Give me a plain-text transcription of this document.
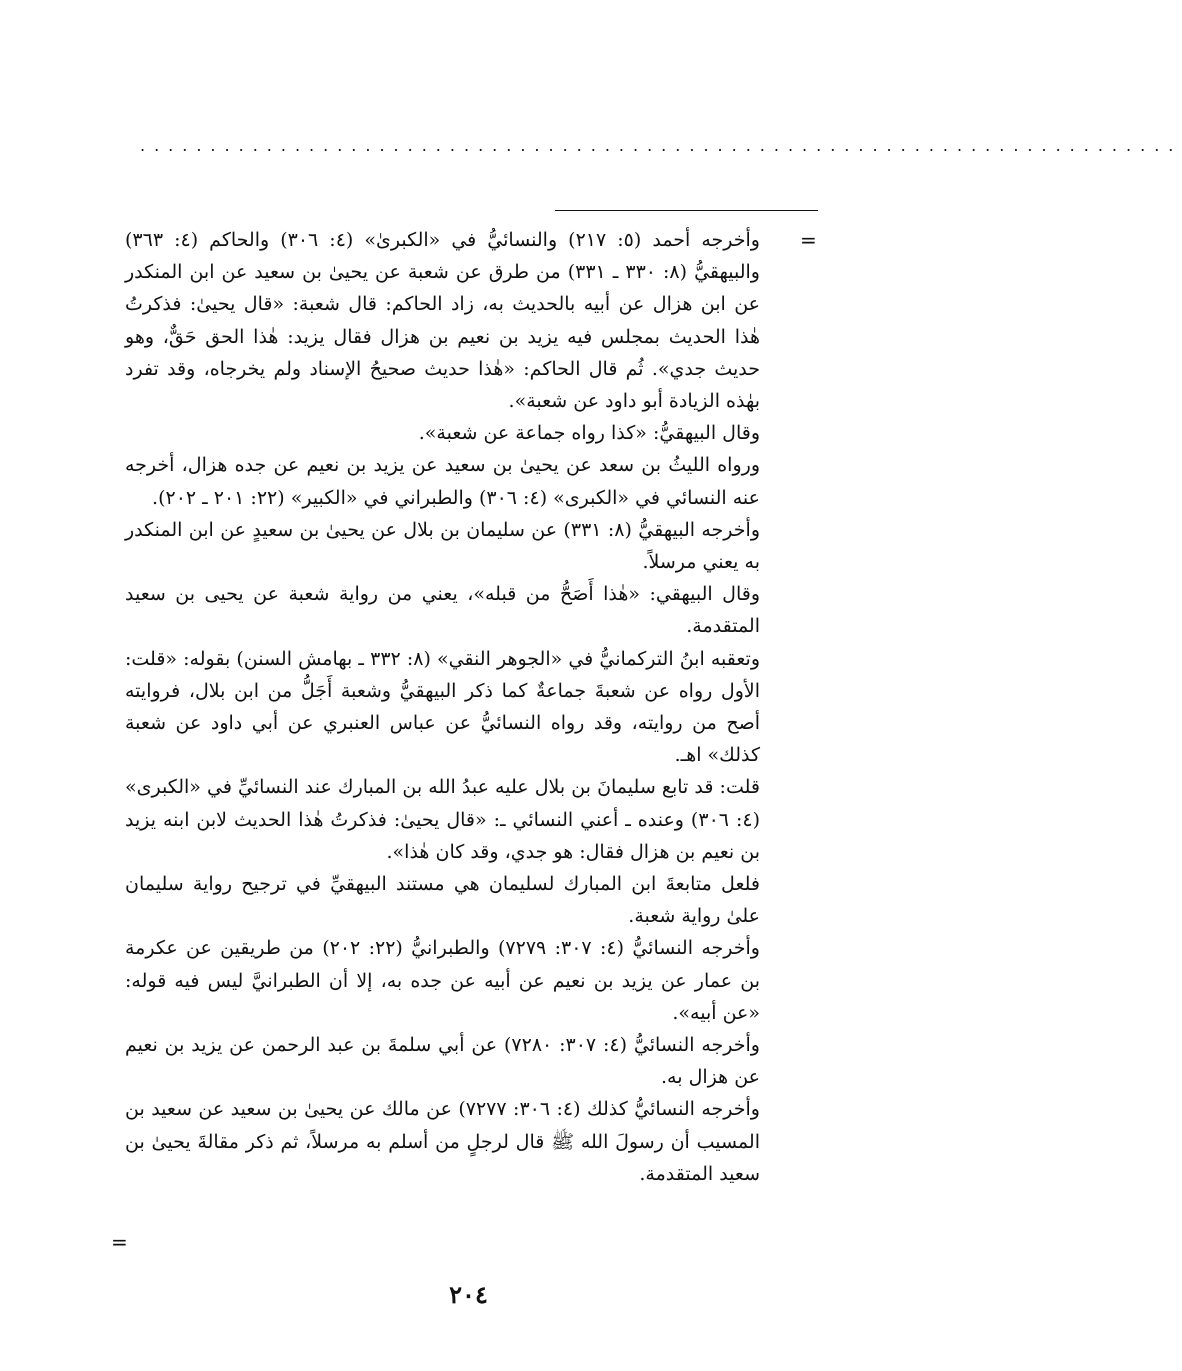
..........................................................................
=

وأخرجه أحمد (٥: ٢١٧) والنسائيُّ في «الكبرىٰ» (٤: ٣٠٦) والحاكم (٤: ٣٦٣) والبيهقيُّ (٨: ٣٣٠ ـ ٣٣١) من طرق عن شعبة عن يحيىٰ بن سعيد عن ابن المنكدر عن ابن هزال عن أبيه بالحديث به، زاد الحاكم: قال شعبة: «قال يحيىٰ: فذكرتُ هٰذا الحديث بمجلس فيه يزيد بن نعيم بن هزال فقال يزيد: هٰذا الحق حَقٌّ، وهو حديث جدي». ثُم قال الحاكم: «هٰذا حديث صحيحُ الإسناد ولم يخرجاه، وقد تفرد بهٰذه الزيادة أبو داود عن شعبة».

وقال البيهقيُّ: «كذا رواه جماعة عن شعبة».

ورواه الليثُ بن سعد عن يحيىٰ بن سعيد عن يزيد بن نعيم عن جده هزال، أخرجه عنه النسائي في «الكبرى» (٤: ٣٠٦) والطبراني في «الكبير» (٢٢: ٢٠١ ـ ٢٠٢).

وأخرجه البيهقيُّ (٨: ٣٣١) عن سليمان بن بلال عن يحيىٰ بن سعيدٍ عن ابن المنكدر به يعني مرسلاً.

وقال البيهقي: «هٰذا أَصَحُّ من قبله»، يعني من رواية شعبة عن يحيى بن سعيد المتقدمة.

وتعقبه ابنُ التركمانيُّ في «الجوهر النقي» (٨: ٣٣٢ ـ بهامش السنن) بقوله: «قلت: الأول رواه عن شعبةَ جماعةٌ كما ذكر البيهقيُّ وشعبة أَجَلُّ من ابن بلال، فروايته أصح من روايته، وقد رواه النسائيُّ عن عباس العنبري عن أبي داود عن شعبة كذلك» اهـ.

قلت: قد تابع سليمانَ بن بلال عليه عبدُ الله بن المبارك عند النسائيِّ في «الكبرى» (٤: ٣٠٦) وعنده ـ أعني النسائي ـ: «قال يحيىٰ: فذكرتُ هٰذا الحديث لابن ابنه يزيد بن نعيم بن هزال فقال: هو جدي، وقد كان هٰذا».

فلعل متابعةَ ابن المبارك لسليمان هي مستند البيهقيِّ في ترجيح رواية سليمان علىٰ رواية شعبة.

وأخرجه النسائيُّ (٤: ٣٠٧: ٧٢٧٩) والطبرانيُّ (٢٢: ٢٠٢) من طريقين عن عكرمة بن عمار عن يزيد بن نعيم عن أبيه عن جده به، إلا أن الطبرانيَّ ليس فيه قوله: «عن أبيه».

وأخرجه النسائيُّ (٤: ٣٠٧: ٧٢٨٠) عن أبي سلمةَ بن عبد الرحمن عن يزيد بن نعيم عن هزال به.

وأخرجه النسائيُّ كذلك (٤: ٣٠٦: ٧٢٧٧) عن مالك عن يحيىٰ بن سعيد عن سعيد بن المسيب أن رسولَ الله ﷺ قال لرجلٍ من أسلم به مرسلاً، ثم ذكر مقالةَ يحيىٰ بن سعيد المتقدمة.

=
٢٠٤
